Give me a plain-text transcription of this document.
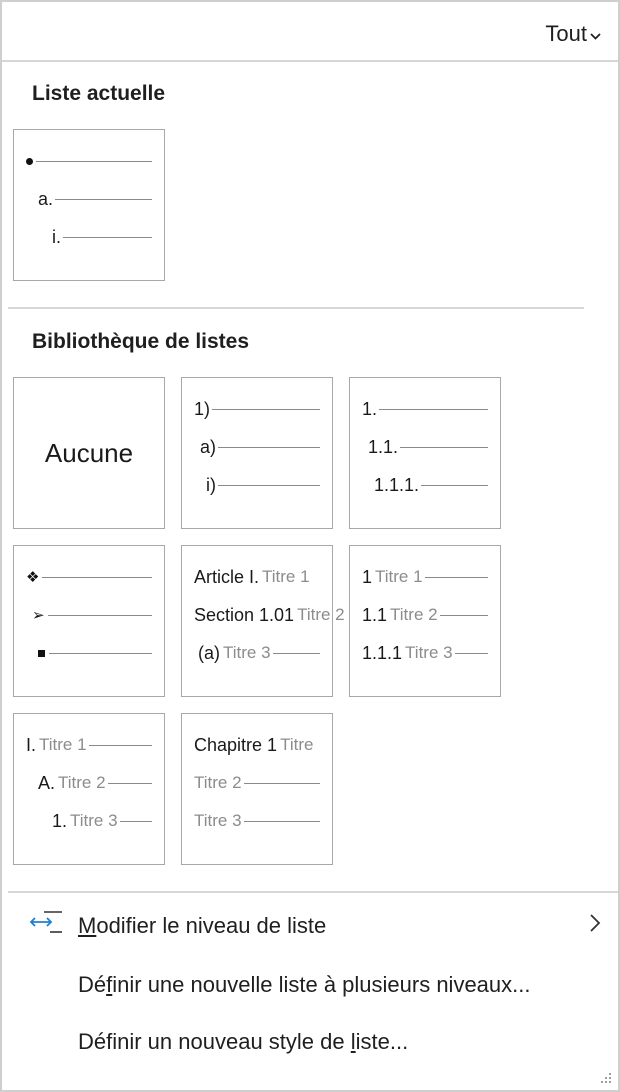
Tout
Liste actuelle
a.
i.
Bibliothèque de listes
Aucune
1)
a)
i)
1.
1.1.
1.1.1.
❖
➢
Article I. Titre 1
Section 1.01 Titre 2
(a) Titre 3
1 Titre 1
1.1 Titre 2
1.1.1 Titre 3
I. Titre 1
A. Titre 2
1. Titre 3
Chapitre 1 Titre
Titre 2
Titre 3
Modifier le niveau de liste
Définir une nouvelle liste à plusieurs niveaux...
Définir un nouveau style de liste...
